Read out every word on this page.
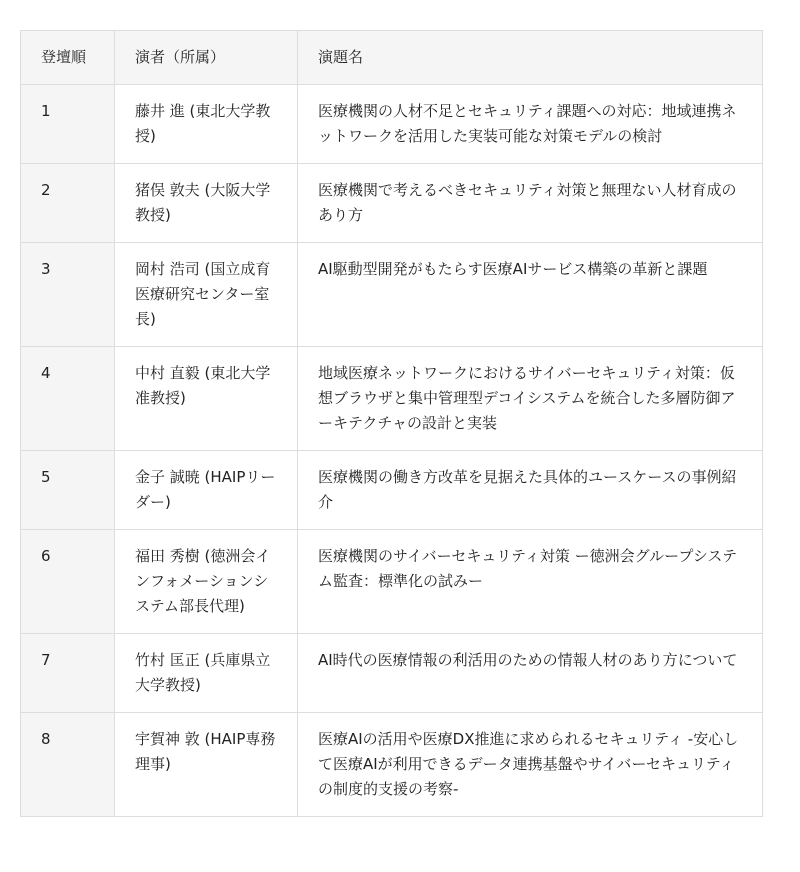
登壇順	演者（所属）	演題名
1	藤井 進 (東北大学教授)	医療機関の人材不足とセキュリティ課題への対応：地域連携ネットワークを活用した実装可能な対策モデルの検討
2	猪俣 敦夫 (大阪大学教授)	医療機関で考えるべきセキュリティ対策と無理ない人材育成のあり方
3	岡村 浩司 (国立成育医療研究センター室長)	AI駆動型開発がもたらす医療AIサービス構築の革新と課題
4	中村 直毅 (東北大学准教授)	地域医療ネットワークにおけるサイバーセキュリティ対策：仮想ブラウザと集中管理型デコイシステムを統合した多層防御アーキテクチャの設計と実装
5	金子 誠暁 (HAIPリーダー)	医療機関の働き方改革を見据えた具体的ユースケースの事例紹介
6	福田 秀樹 (徳洲会インフォメーションシステム部長代理)	医療機関のサイバーセキュリティ対策 ー徳洲会グループシステム監査：標準化の試みー
7	竹村 匡正 (兵庫県立大学教授)	AI時代の医療情報の利活用のための情報人材のあり方について
8	宇賀神 敦 (HAIP専務理事)	医療AIの活用や医療DX推進に求められるセキュリティ -安心して医療AIが利用できるデータ連携基盤やサイバーセキュリティの制度的支援の考察-
